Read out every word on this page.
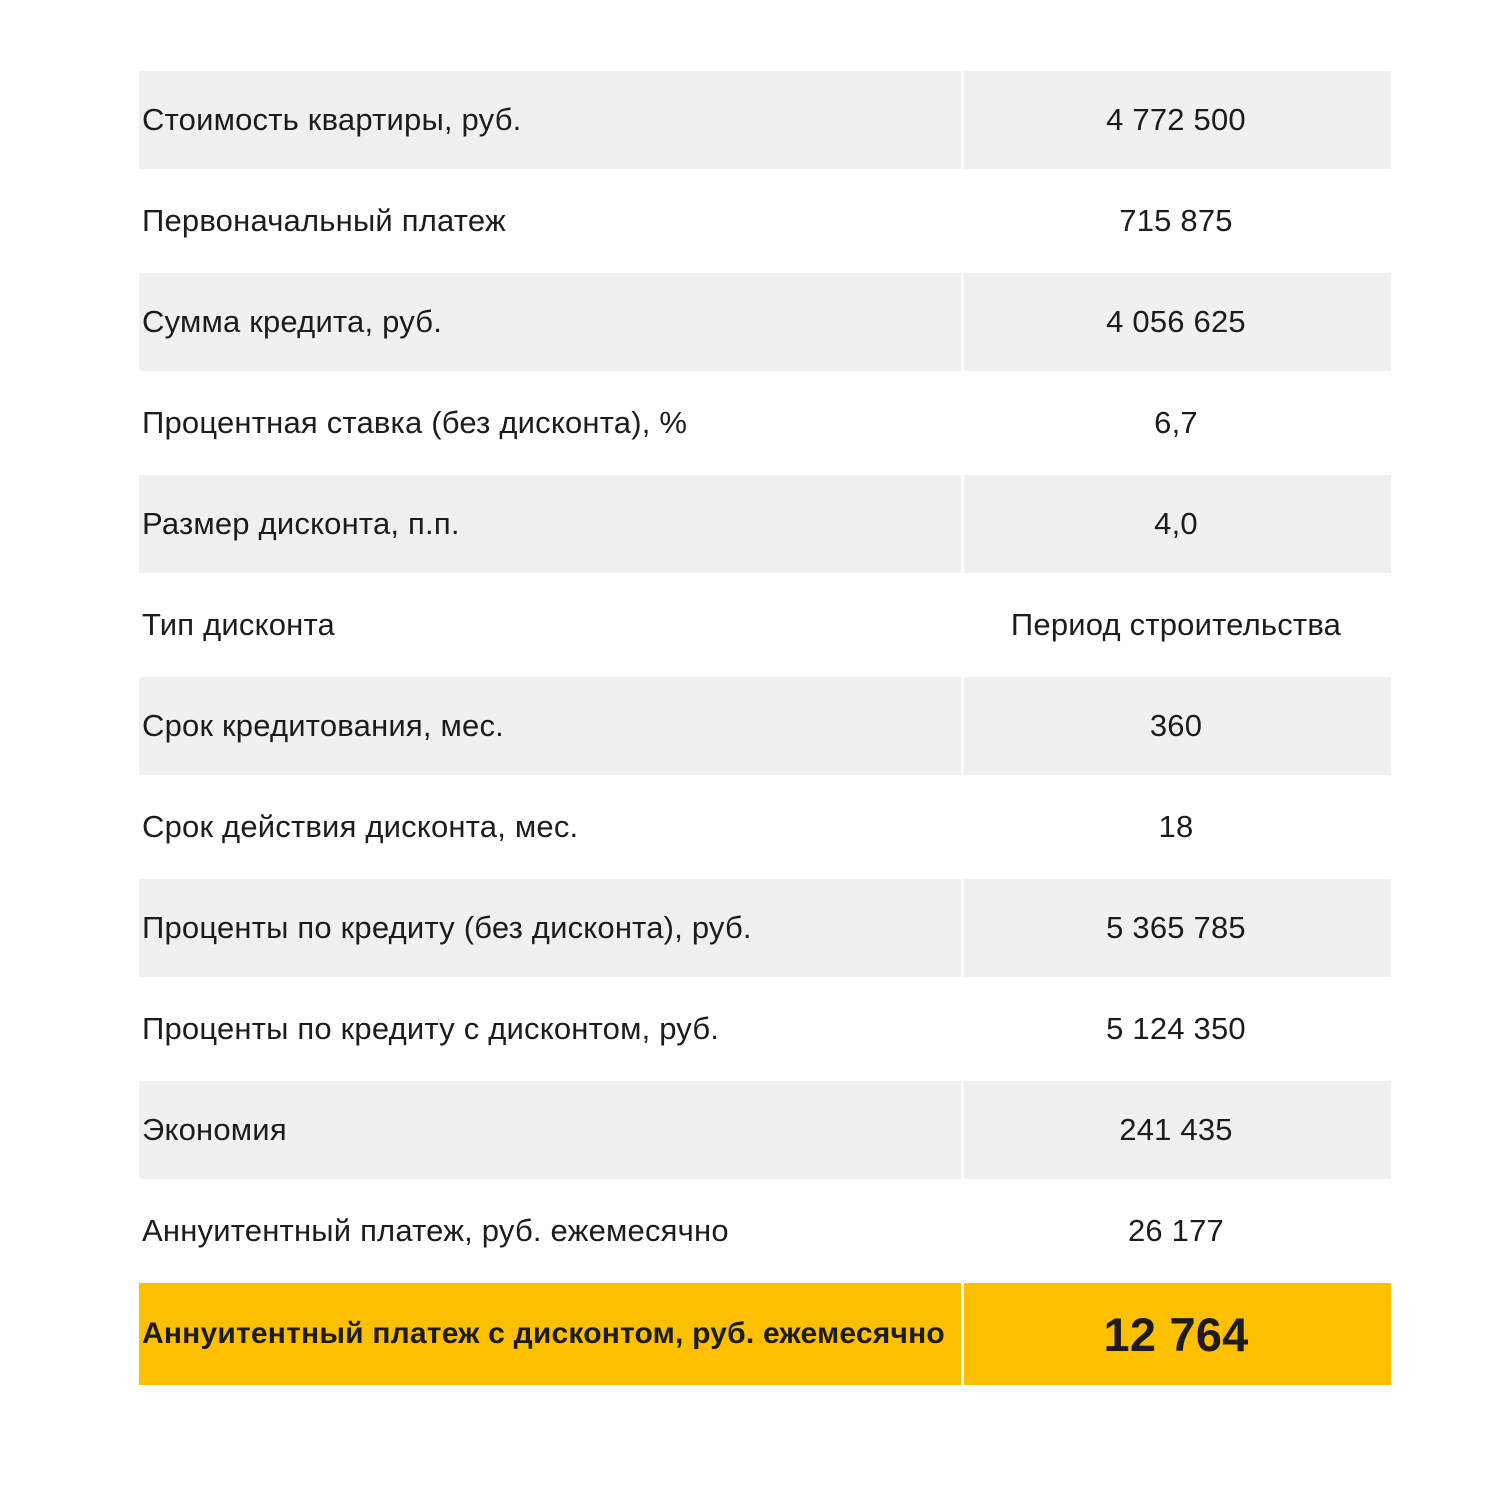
Стоимость квартиры, руб.	4 772 500
Первоначальный платеж	715 875
Сумма кредита, руб.	4 056 625
Процентная ставка (без дисконта), %	6,7
Размер дисконта, п.п.	4,0
Тип дисконта	Период строительства
Срок кредитования, мес.	360
Срок действия дисконта, мес.	18
Проценты по кредиту (без дисконта), руб.	5 365 785
Проценты по кредиту с дисконтом, руб.	5 124 350
Экономия	241 435
Аннуитентный платеж, руб. ежемесячно	26 177
Аннуитентный платеж с дисконтом, руб. ежемесячно	12 764
